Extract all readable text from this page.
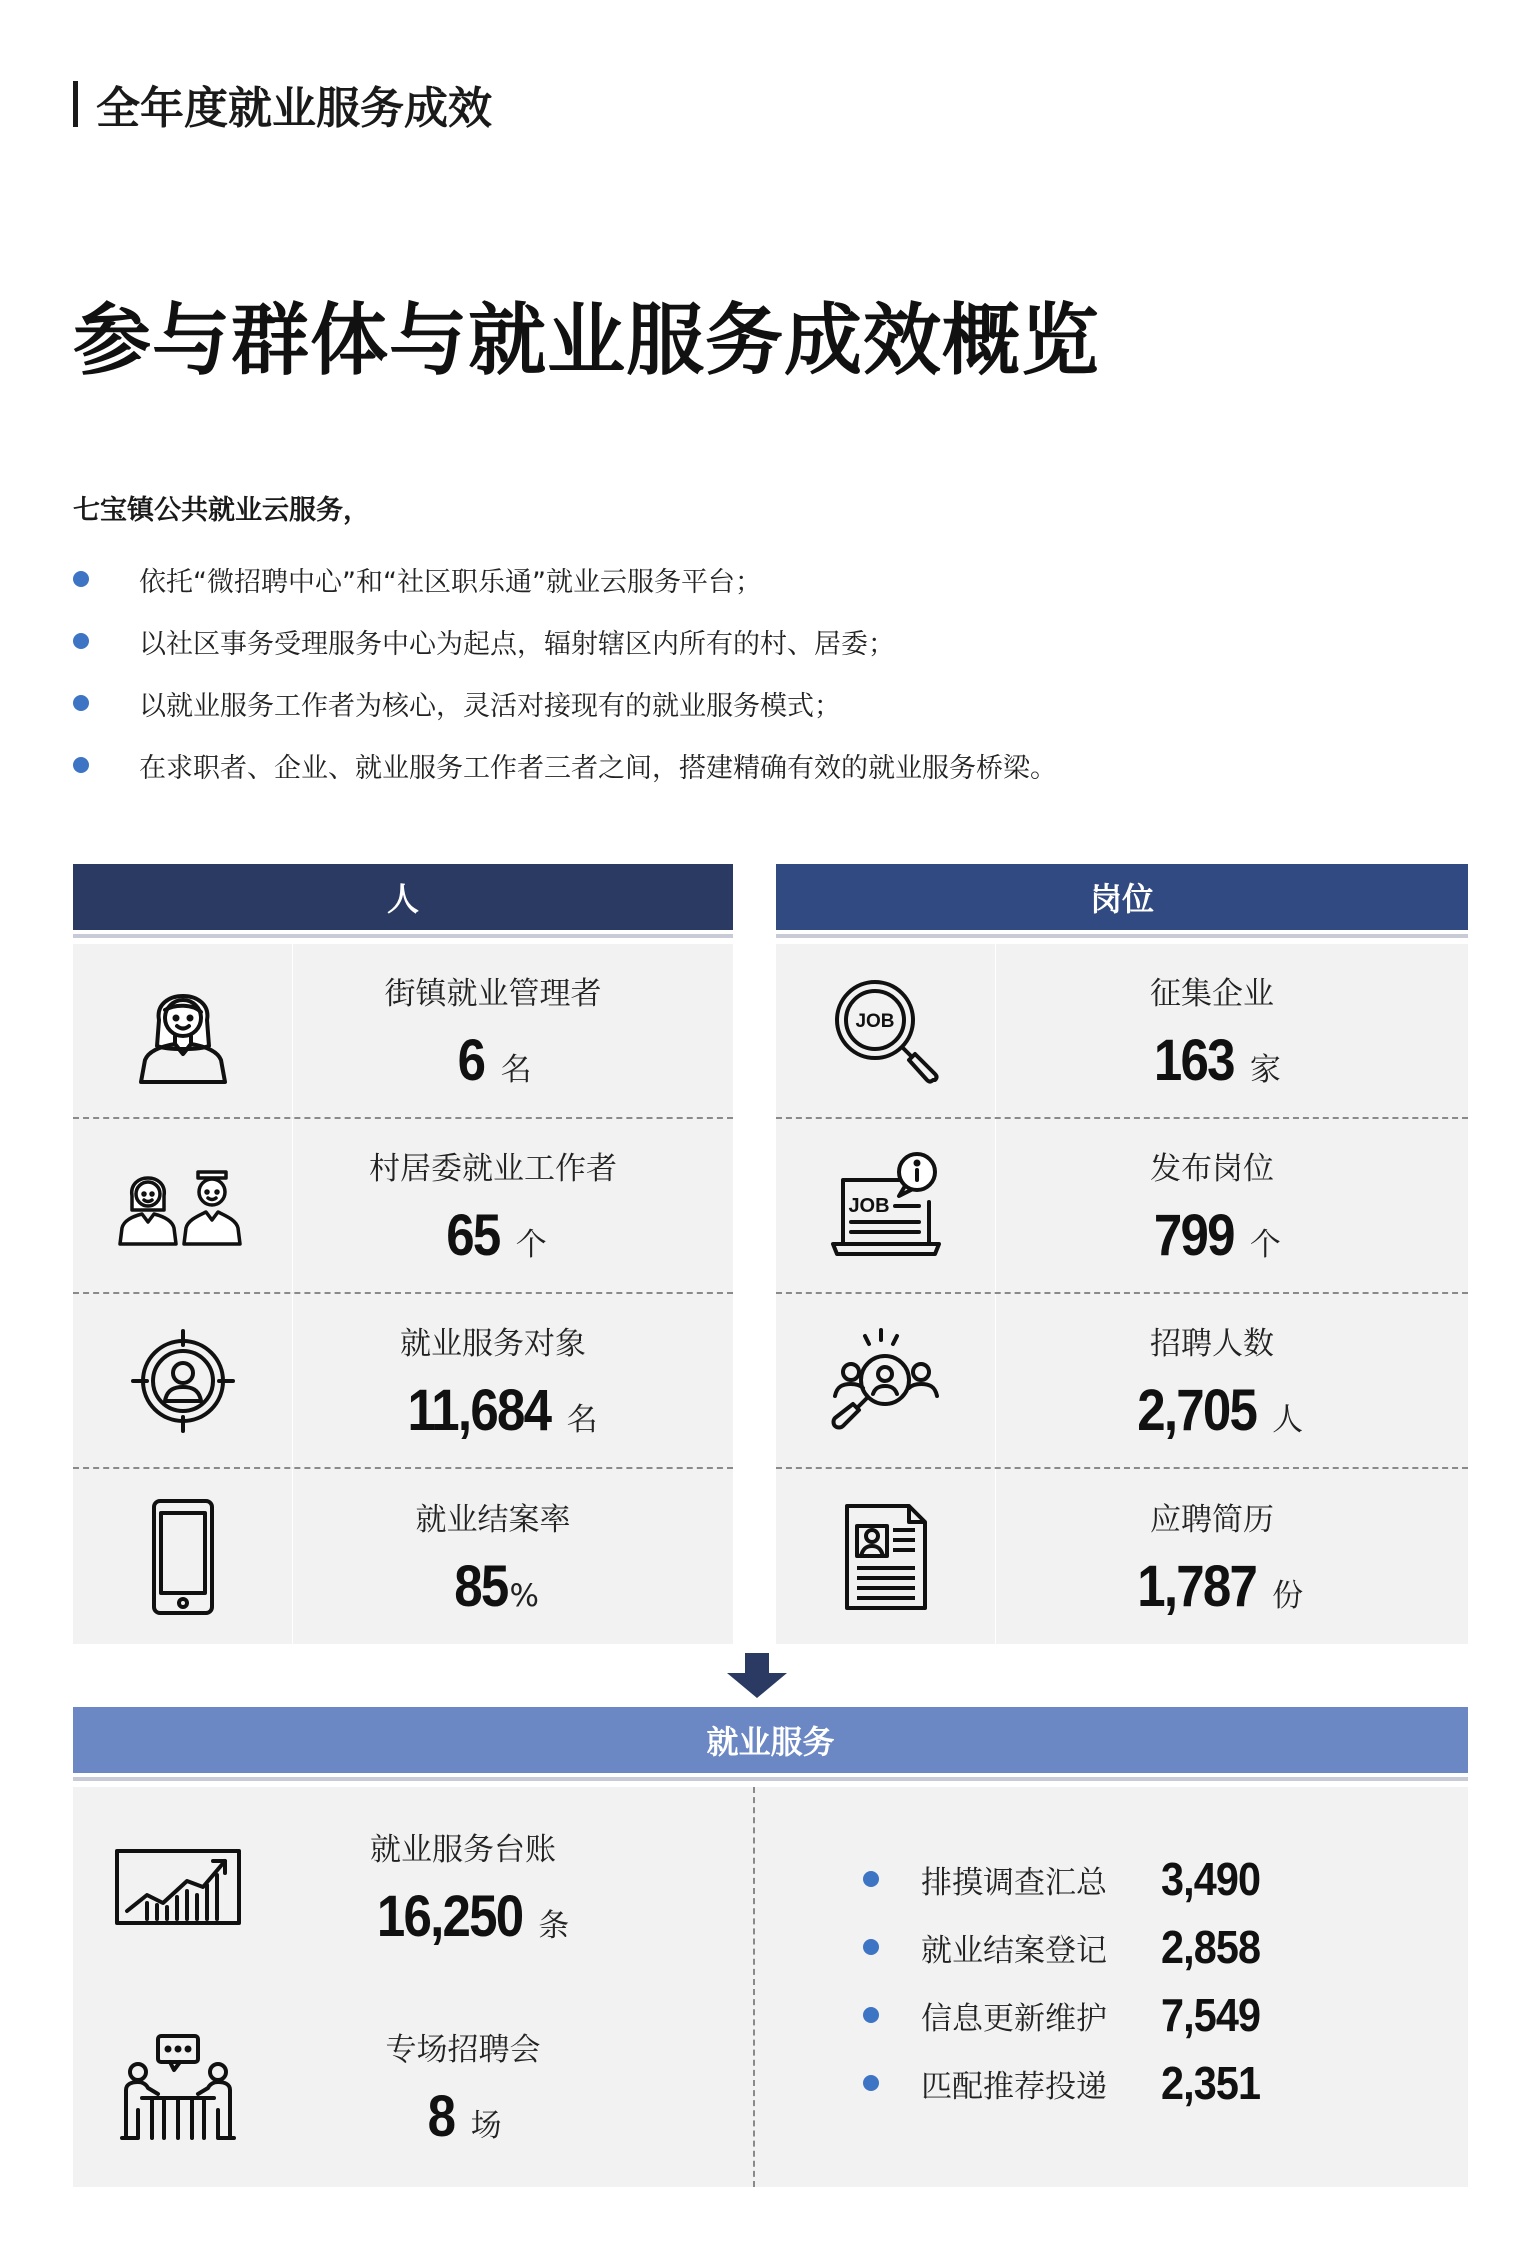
全年度就业服务成效
参与群体与就业服务成效概览
七宝镇公共就业云服务，
依托“微招聘中心”和“社区职乐通”就业云服务平台；
以社区事务受理服务中心为起点，辐射辖区内所有的村、居委；
以就业服务工作者为核心，灵活对接现有的就业服务模式；
在求职者、企业、就业服务工作者三者之间，搭建精确有效的就业服务桥梁。
人
街镇就业管理者
6 名
村居委就业工作者
65 个
就业服务对象
11,684 名
就业结案率
85 %
岗位
JOB
征集企业
163 家
JOB
发布岗位
799 个
招聘人数
2,705 人
应聘简历
1,787 份
就业服务
就业服务台账
16,250 条
专场招聘会
8 场
排摸调查汇总	3,490
就业结案登记	2,858
信息更新维护	7,549
匹配推荐投递	2,351
